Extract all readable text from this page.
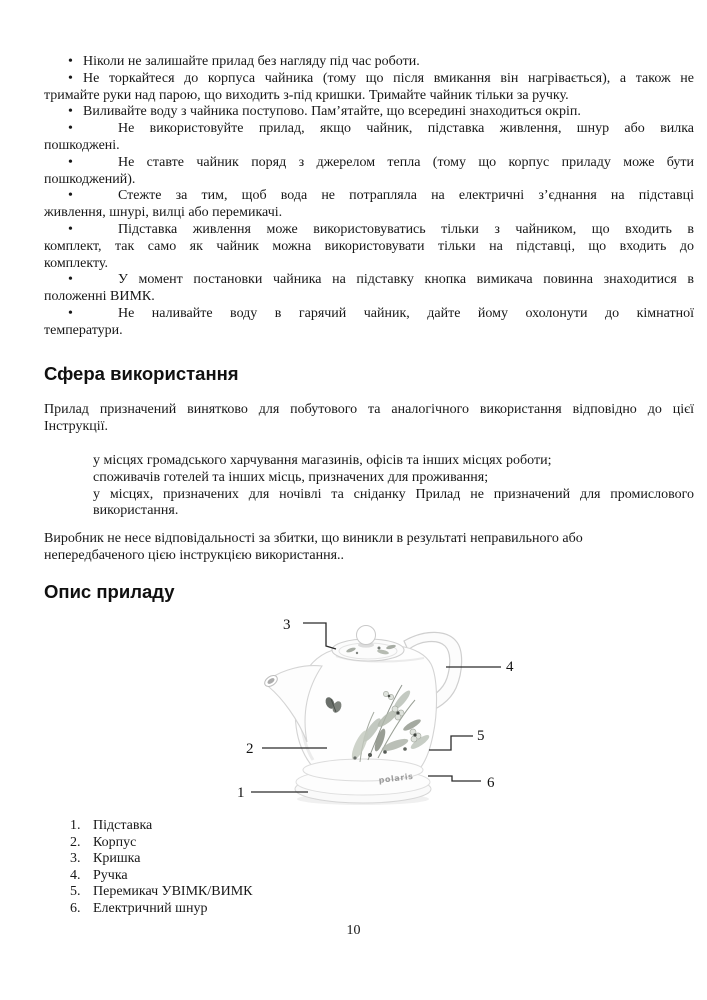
• Ніколи не залишайте прилад без нагляду під час роботи.
• Не торкайтеся до корпуса чайника (тому що після вмикання він нагрівається), а також не
тримайте руки над парою, що виходить з-під кришки. Тримайте чайник тільки за ручку.
• Виливайте воду з чайника поступово. Пам’ятайте, що всередині знаходиться окріп.
•	Не використовуйте прилад, якщо чайник, підставка живлення, шнур або вилка
пошкоджені.
•	Не ставте чайник поряд з джерелом тепла (тому що корпус приладу може бути
пошкоджений).
•	Стежте за тим, щоб вода не потрапляла на електричні з’єднання на підставці
живлення, шнурі, вилці або перемикачі.
•	Підставка живлення може використовуватись тільки з чайником, що входить в
комплект, так само як чайник можна використовувати тільки на підставці, що входить до
комплекту.
•	У момент постановки чайника на підставку кнопка вимикача повинна знаходитися в
положенні ВИМК.
•	Не наливайте воду в гарячий чайник, дайте йому охолонути до кімнатної
температури.
Сфера використання
Прилад призначений винятково для побутового та аналогічного використання відповідно до цієї
Інструкції.
у місцях громадського харчування магазинів, офісів та інших місцях роботи;
споживачів готелей та інших місць, призначених для проживання;
у місцях, призначених для ночівлі та сніданку Прилад не призначений для промислового
використання.
Виробник не несе відповідальності за збитки, що виникли в результаті неправильного або
непередбаченого цією інструкцією використання..
Опис приладу
polaris
3
4
5
6
2
1
1. Підставка
2. Корпус
3. Кришка
4. Ручка
5. Перемикач УВІМК/ВИМК
6. Електричний шнур
10
